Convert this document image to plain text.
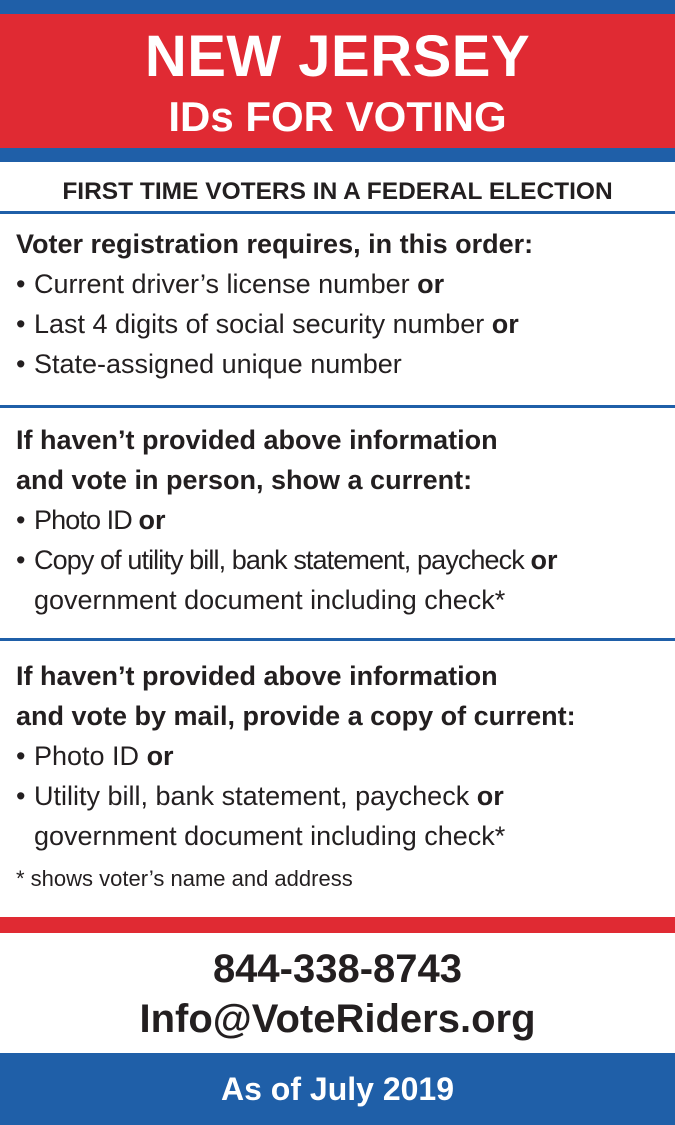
NEW JERSEY
IDs FOR VOTING
FIRST TIME VOTERS IN A FEDERAL ELECTION
Voter registration requires, in this order:
• Current driver’s license number or
• Last 4 digits of social security number or
• State-assigned unique number
If haven’t provided above information
and vote in person, show a current:
• Photo ID or
• Copy of utility bill, bank statement, paycheck or
government document including check*
If haven’t provided above information
and vote by mail, provide a copy of current:
• Photo ID or
• Utility bill, bank statement, paycheck or
government document including check*
* shows voter’s name and address
844-338-8743
Info@VoteRiders.org
As of July 2019
